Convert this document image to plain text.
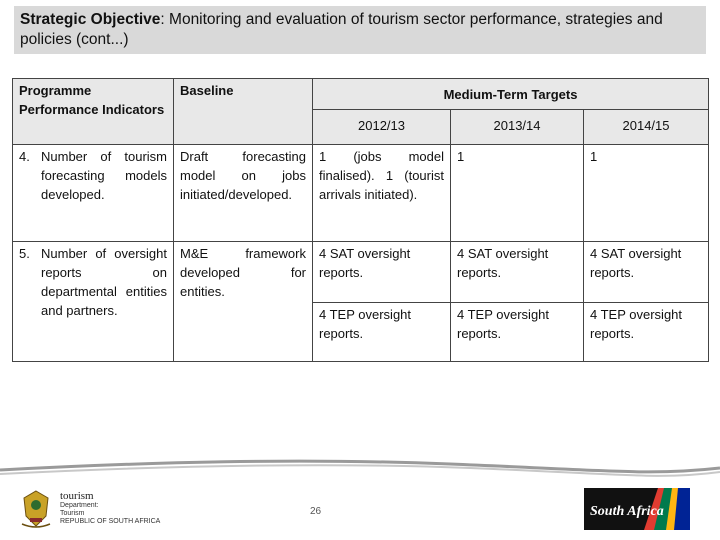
Strategic Objective: Monitoring and evaluation of tourism sector performance, strategies and policies (cont...)
Programme Performance Indicators	Baseline	Medium-Term Targets		
		2012/13	2013/14	2014/15

4. Number of tourism forecasting models developed.	Draft forecasting model on jobs initiated/developed.	1 (jobs model finalised). 1 (tourist arrivals initiated).	1	1

5. Number of oversight reports on departmental entities and partners.	M&E framework developed for entities.	4 SAT oversight reports.	4 SAT oversight reports.	4 SAT oversight reports.
		4 TEP oversight reports.	4 TEP oversight reports.	4 TEP oversight reports.
tourism
Department:
Tourism
REPUBLIC OF SOUTH AFRICA
26	South Africa
